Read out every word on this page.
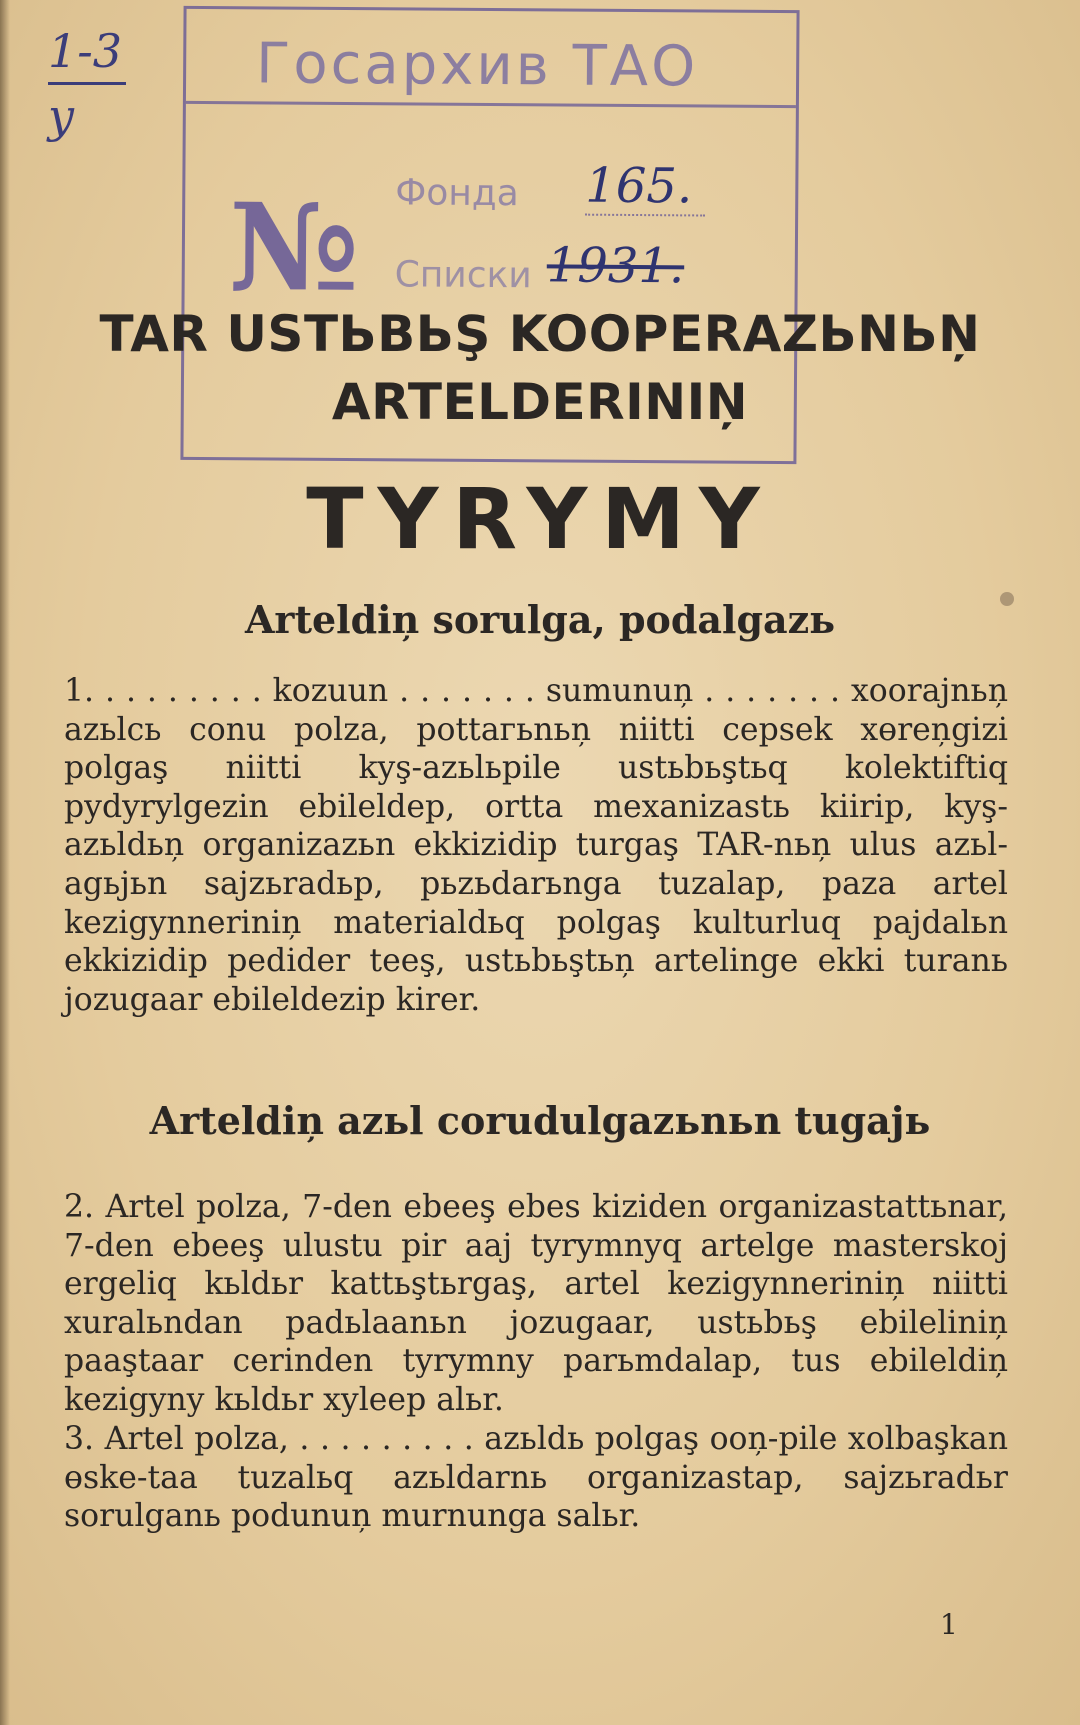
1-3
у
Госархив ТАО
№ Фонда 165.
Списки 1931.
TAR USTЬBЬŞ KOOPERAZЬNЬŅ
ARTELDERINIŅ
TYRYMY
Arteldiņ sorulga, podalgazь
1. . . . . . . . . kozuun . . . . . . . sumunuņ . . . . . . . xoorajnьņ azьlcь conu polza, pottaгьnьņ niitti cepsek xөreņgizi polgaş niitti kyş-azьlьpile ustьbьştьq kolektiftiq pydyrylgezin ebileldep, ortta mexanizastь kiirip, kyş-azьldьņ organizazьn ekkizidip turgaş TAR-nьņ ulus azьl-agьjьn sajzьradьp, pьzьdarьnga tuzalap, paza artel kezigynneriniņ materialdьq polgaş kulturluq pajdalьn ekkizidip pedider teeş, ustьbьştьņ artelinge ekki turanь jozugaar ebileldezip kirer.
Arteldiņ azьl corudulgazьnьn tugajь
2. Artel polza, 7-den ebeeş ebes kiziden organizastattьnar, 7-den ebeeş ulustu pir aaj tyrymnyq artelge masterskoj ergeliq kьldьr kattьştьrgaş, artel kezigynneriniņ niitti xuralьndan padьlaanьn jozugaar, ustьbьş ebileliniņ paaştaar cerinden tyrymny parьmdalap, tus ebileldiņ kezigyny kьldьr xyleep alьr.
3. Artel polza, . . . . . . . . . azьldь polgaş ooņ-pile xolbaşkan өske-taa tuzalьq azьldarnь organizastap, sajzьradьr sorulganь podunuņ murnunga salьr.
1
